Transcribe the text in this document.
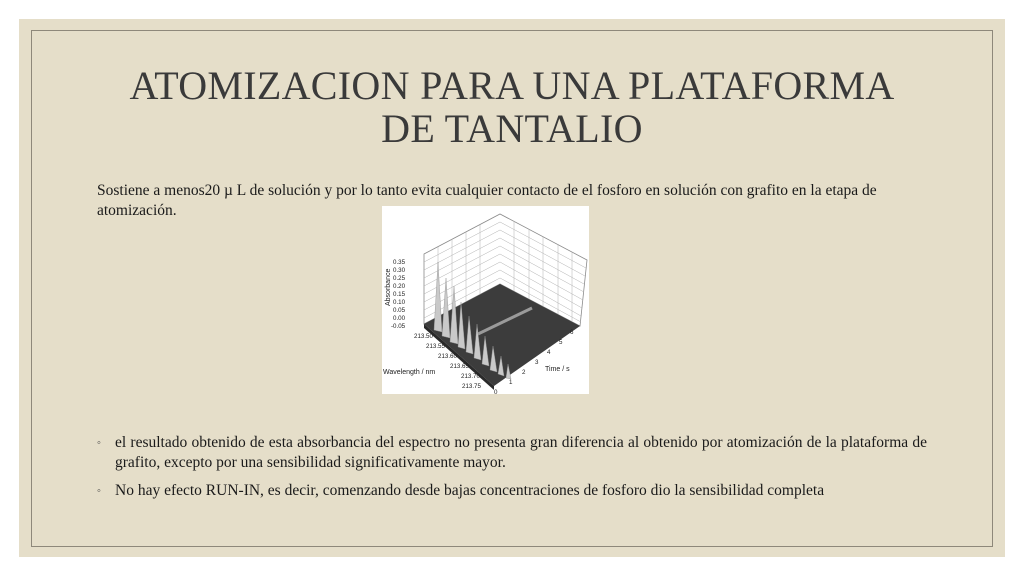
ATOMIZACION PARA UNA PLATAFORMA
DE TANTALIO
Sostiene a menos20 µ L de solución y por lo tanto evita cualquier contacto de el fosforo en solución con grafito en la etapa de atomización.
Absorbance
0.35
0.30
0.25
0.20
0.15
0.10
0.05
0.00
-0.05
213.50
213.55
213.60
213.65
213.70
213.75
Wavelength / nm
0
1
2
3
4
5
6
Time / s
◦ el resultado obtenido de esta absorbancia del espectro no presenta gran diferencia al obtenido por atomización de la plataforma de grafito, excepto por una sensibilidad significativamente mayor.
◦ No hay efecto RUN-IN, es decir, comenzando desde bajas concentraciones de fosforo dio la sensibilidad completa
